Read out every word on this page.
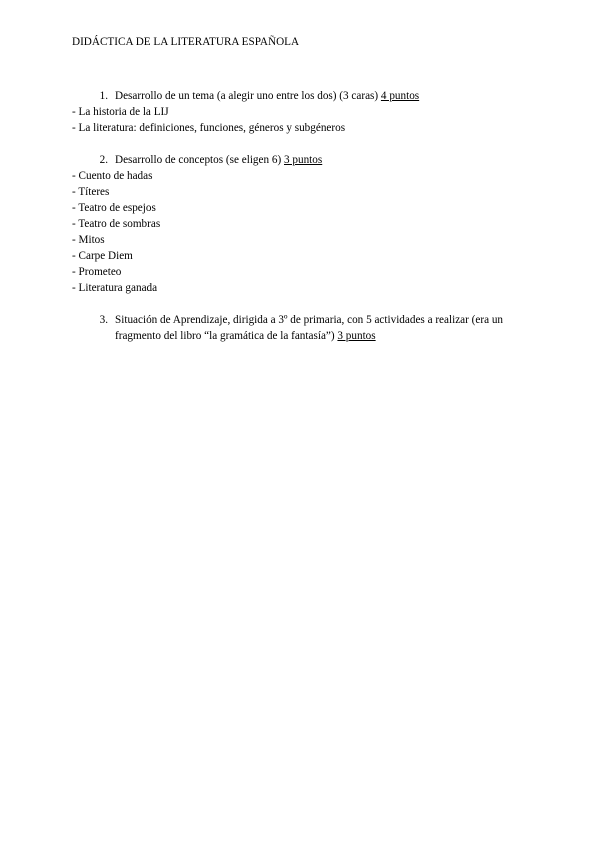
DIDÁCTICA DE LA LITERATURA ESPAÑOLA
1. Desarrollo de un tema (a alegir uno entre los dos) (3 caras) 4 puntos
- La historia de la LIJ
- La literatura: definiciones, funciones, géneros y subgéneros
2. Desarrollo de conceptos (se eligen 6) 3 puntos
- Cuento de hadas
- Títeres
- Teatro de espejos
- Teatro de sombras
- Mitos
- Carpe Diem
- Prometeo
- Literatura ganada
3. Situación de Aprendizaje, dirigida a 3º de primaria, con 5 actividades a realizar (era un fragmento del libro “la gramática de la fantasía”) 3 puntos
